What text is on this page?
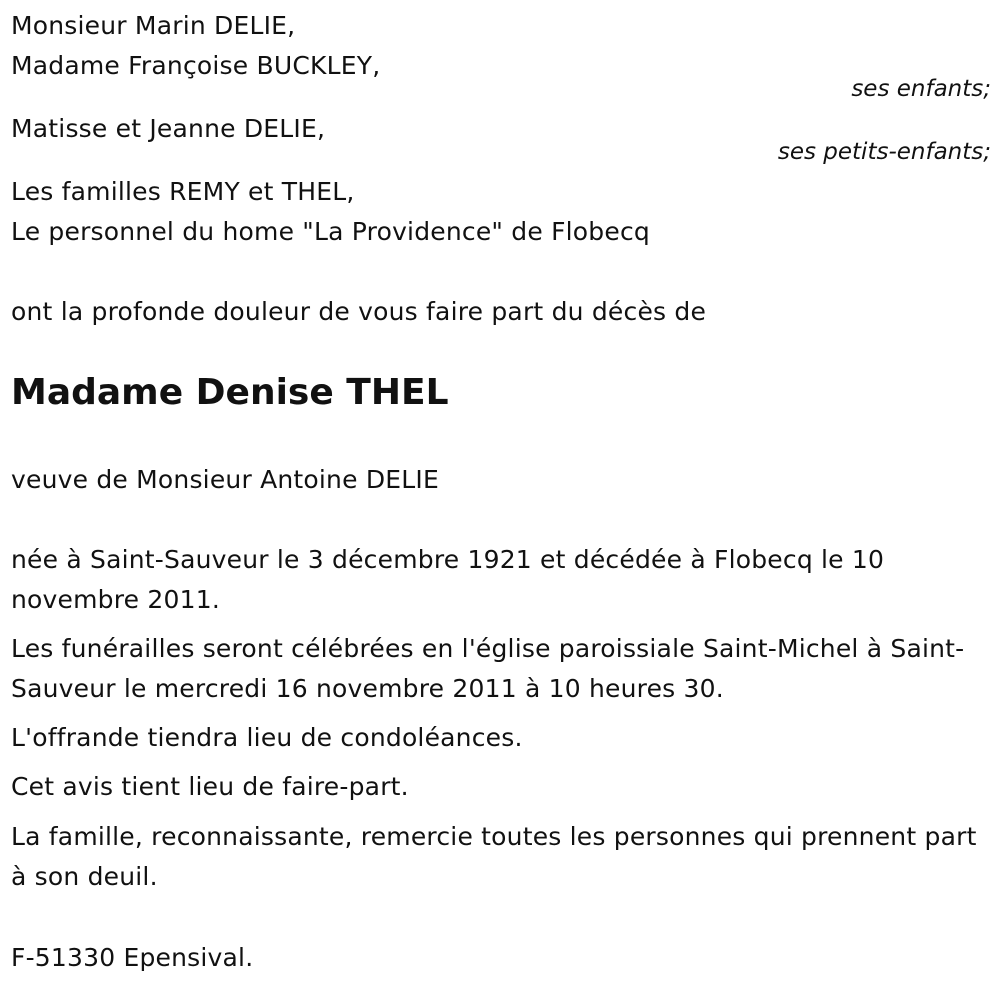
Monsieur Marin DELIE,
Madame Françoise BUCKLEY,
ses enfants;
Matisse et Jeanne DELIE,
ses petits-enfants;
Les familles REMY et THEL,
Le personnel du home "La Providence" de Flobecq
ont la profonde douleur de vous faire part du décès de
Madame Denise THEL
veuve de Monsieur Antoine DELIE
née à Saint-Sauveur le 3 décembre 1921 et décédée à Flobecq le 10 novembre 2011.
Les funérailles seront célébrées en l'église paroissiale Saint-Michel à Saint-Sauveur le mercredi 16 novembre 2011 à 10 heures 30.
L'offrande tiendra lieu de condoléances.
Cet avis tient lieu de faire-part.
La famille, reconnaissante, remercie toutes les personnes qui prennent part à son deuil.
F-51330 Epensival.
